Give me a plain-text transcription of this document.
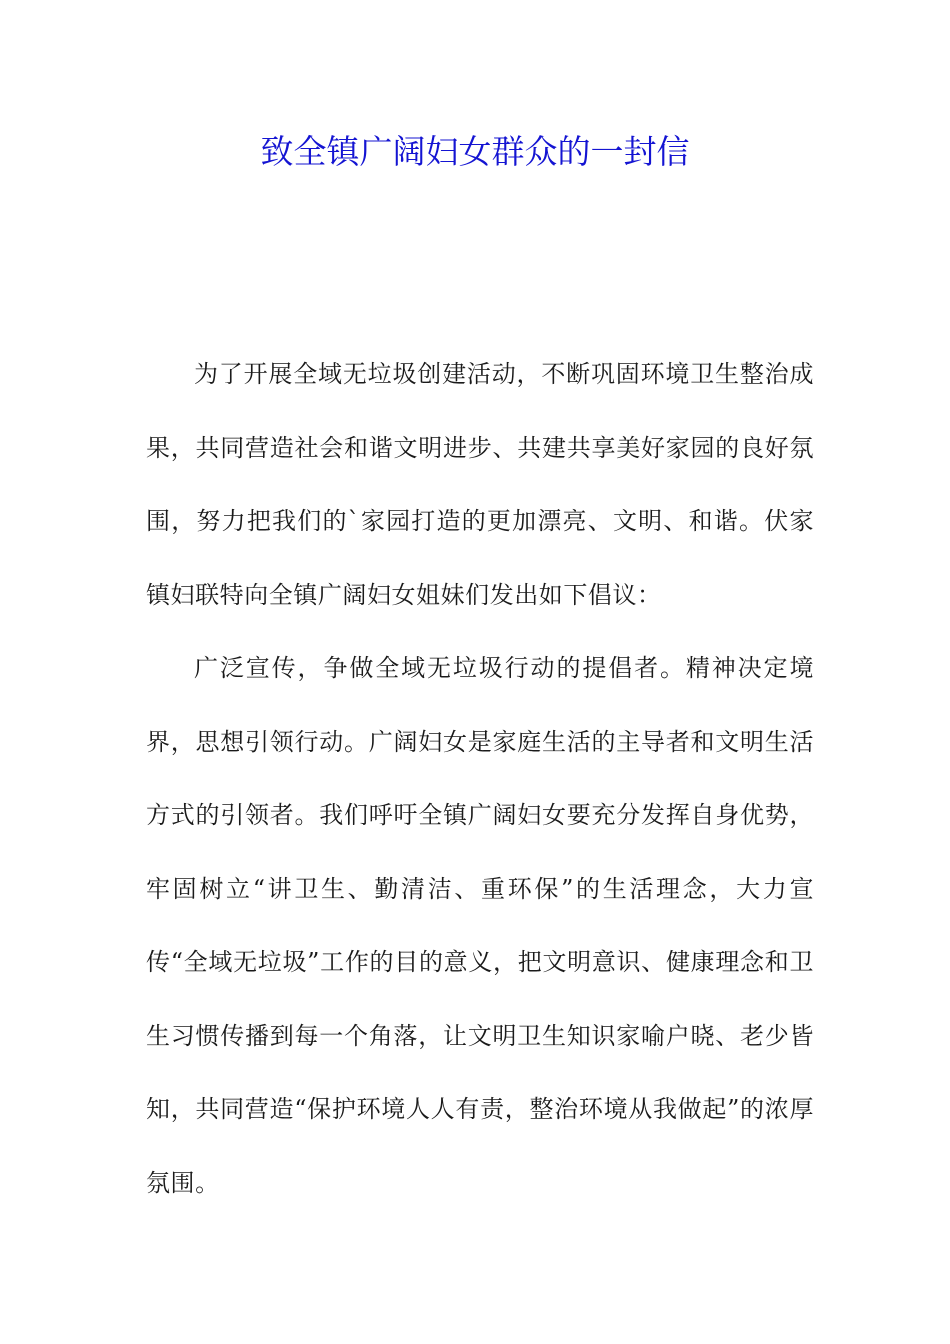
致全镇广阔妇女群众的一封信

为了开展全域无垃圾创建活动，不断巩固环境卫生整治成果，共同营造社会和谐文明进步、共建共享美好家园的良好氛围，努力把我们的`家园打造的更加漂亮、文明、和谐。伏家镇妇联特向全镇广阔妇女姐妹们发出如下倡议：

广泛宣传，争做全域无垃圾行动的提倡者。精神决定境界，思想引领行动。广阔妇女是家庭生活的主导者和文明生活方式的引领者。我们呼吁全镇广阔妇女要充分发挥自身优势，牢固树立“讲卫生、勤清洁、重环保”的生活理念，大力宣传“全域无垃圾”工作的目的意义，把文明意识、健康理念和卫生习惯传播到每一个角落，让文明卫生知识家喻户晓、老少皆知，共同营造“保护环境人人有责，整治环境从我做起”的浓厚氛围。
